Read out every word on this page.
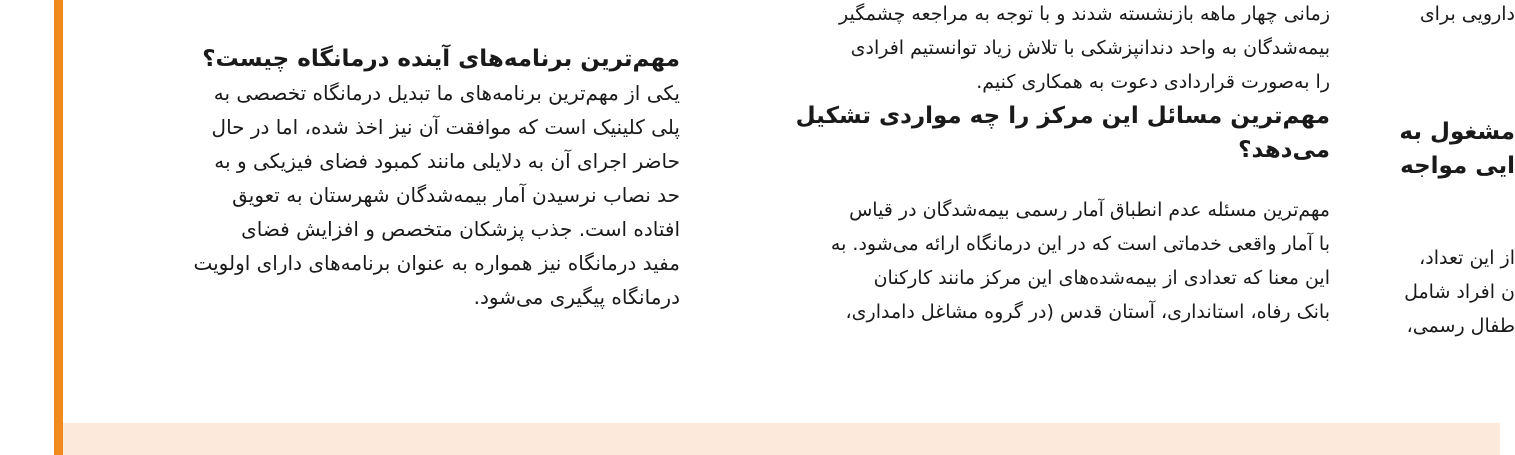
مهم‌ترین برنامه‌های آینده درمانگاه چیست؟
یکی از مهم‌ترین برنامه‌های ما تبدیل درمانگاه تخصصی به
پلی کلینیک است که موافقت آن نیز اخذ شده، اما در حال
حاضر اجرای آن به دلایلی مانند کمبود فضای فیزیکی و به
حد نصاب نرسیدن آمار بیمه‌شدگان شهرستان به تعویق
افتاده است. جذب پزشکان متخصص و افزایش فضای
مفید درمانگاه نیز همواره به عنوان برنامه‌های دارای اولویت
درمانگاه پیگیری می‌شود.
زمانی چهار ماهه بازنشسته شدند و با توجه به مراجعه چشمگیر
بیمه‌شدگان به واحد دندانپزشکی با تلاش زیاد توانستیم افرادی
را به‌صورت قراردادی دعوت به همکاری کنیم.
مهم‌ترین مسائل این مرکز را چه مواردی تشکیل
می‌دهد؟
مهم‌ترین مسئله عدم انطباق آمار رسمی بیمه‌شدگان در قیاس
با آمار واقعی خدماتی است که در این درمانگاه ارائه می‌شود. به
این معنا که تعدادی از بیمه‌شده‌های این مرکز مانند کارکنان
بانک رفاه، استانداری، آستان قدس (در گروه مشاغل دامداری،
دارویی برای
مشغول به
ایی مواجه
از این تعداد،
ن افراد شامل
طفال رسمی،
